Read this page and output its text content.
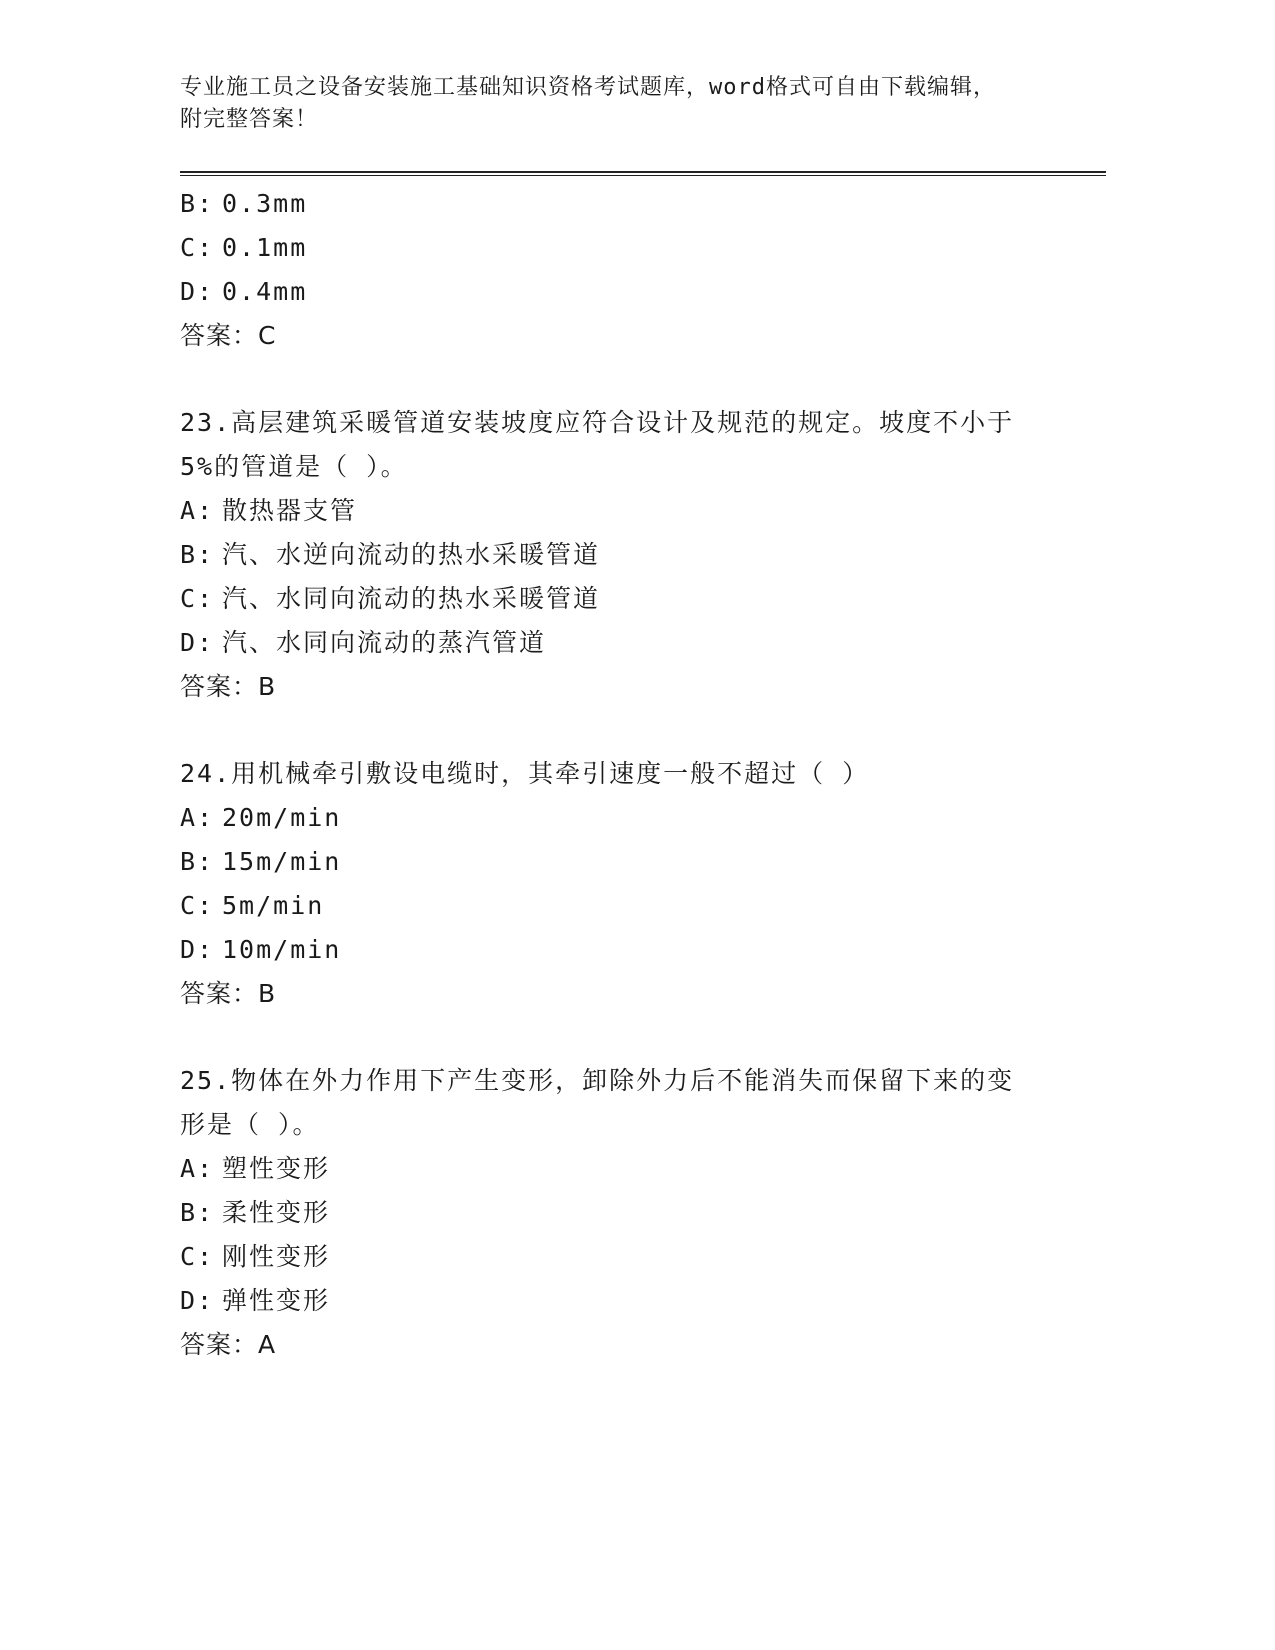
专业施工员之设备安装施工基础知识资格考试题库，word格式可自由下载编辑，
附完整答案！
B: 0.3mm
C: 0.1mm
D: 0.4mm
答案：C
23.高层建筑采暖管道安装坡度应符合设计及规范的规定。坡度不小于
5%的管道是（ ）。
A: 散热器支管
B: 汽、水逆向流动的热水采暖管道
C: 汽、水同向流动的热水采暖管道
D: 汽、水同向流动的蒸汽管道
答案：B
24.用机械牵引敷设电缆时，其牵引速度一般不超过（ ）
A: 20m/min
B: 15m/min
C: 5m/min
D: 10m/min
答案：B
25.物体在外力作用下产生变形，卸除外力后不能消失而保留下来的变
形是（ ）。
A: 塑性变形
B: 柔性变形
C: 刚性变形
D: 弹性变形
答案：A
